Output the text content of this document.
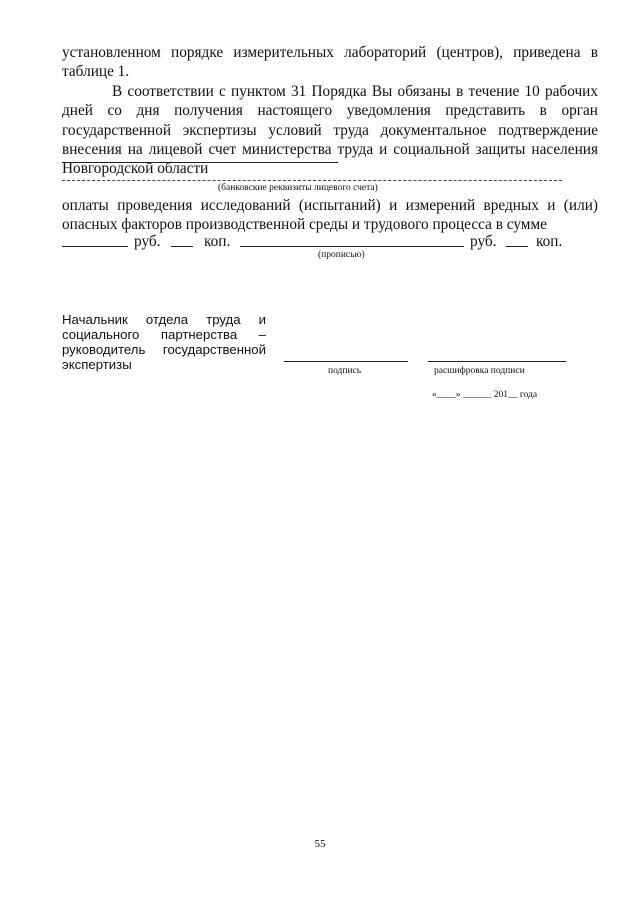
установленном порядке измерительных лабораторий (центров), приведена в таблице 1.
В соответствии с пунктом 31 Порядка Вы обязаны в течение 10 рабочих дней со дня получения настоящего уведомления представить в орган государственной экспертизы условий труда документальное подтверждение внесения на лицевой счет министерства труда и социальной защиты населения Новгородской области
(банковские реквизиты лицевого счета)
оплаты проведения исследований (испытаний) и измерений вредных и (или) опасных факторов производственной среды и трудового процесса в сумме
руб.	коп.	руб.	коп.
(прописью)
Начальник отдела труда и социального партнерства – руководитель государственной экспертизы	подпись	расшифровка подписи
«____» ______ 201__ года
55
